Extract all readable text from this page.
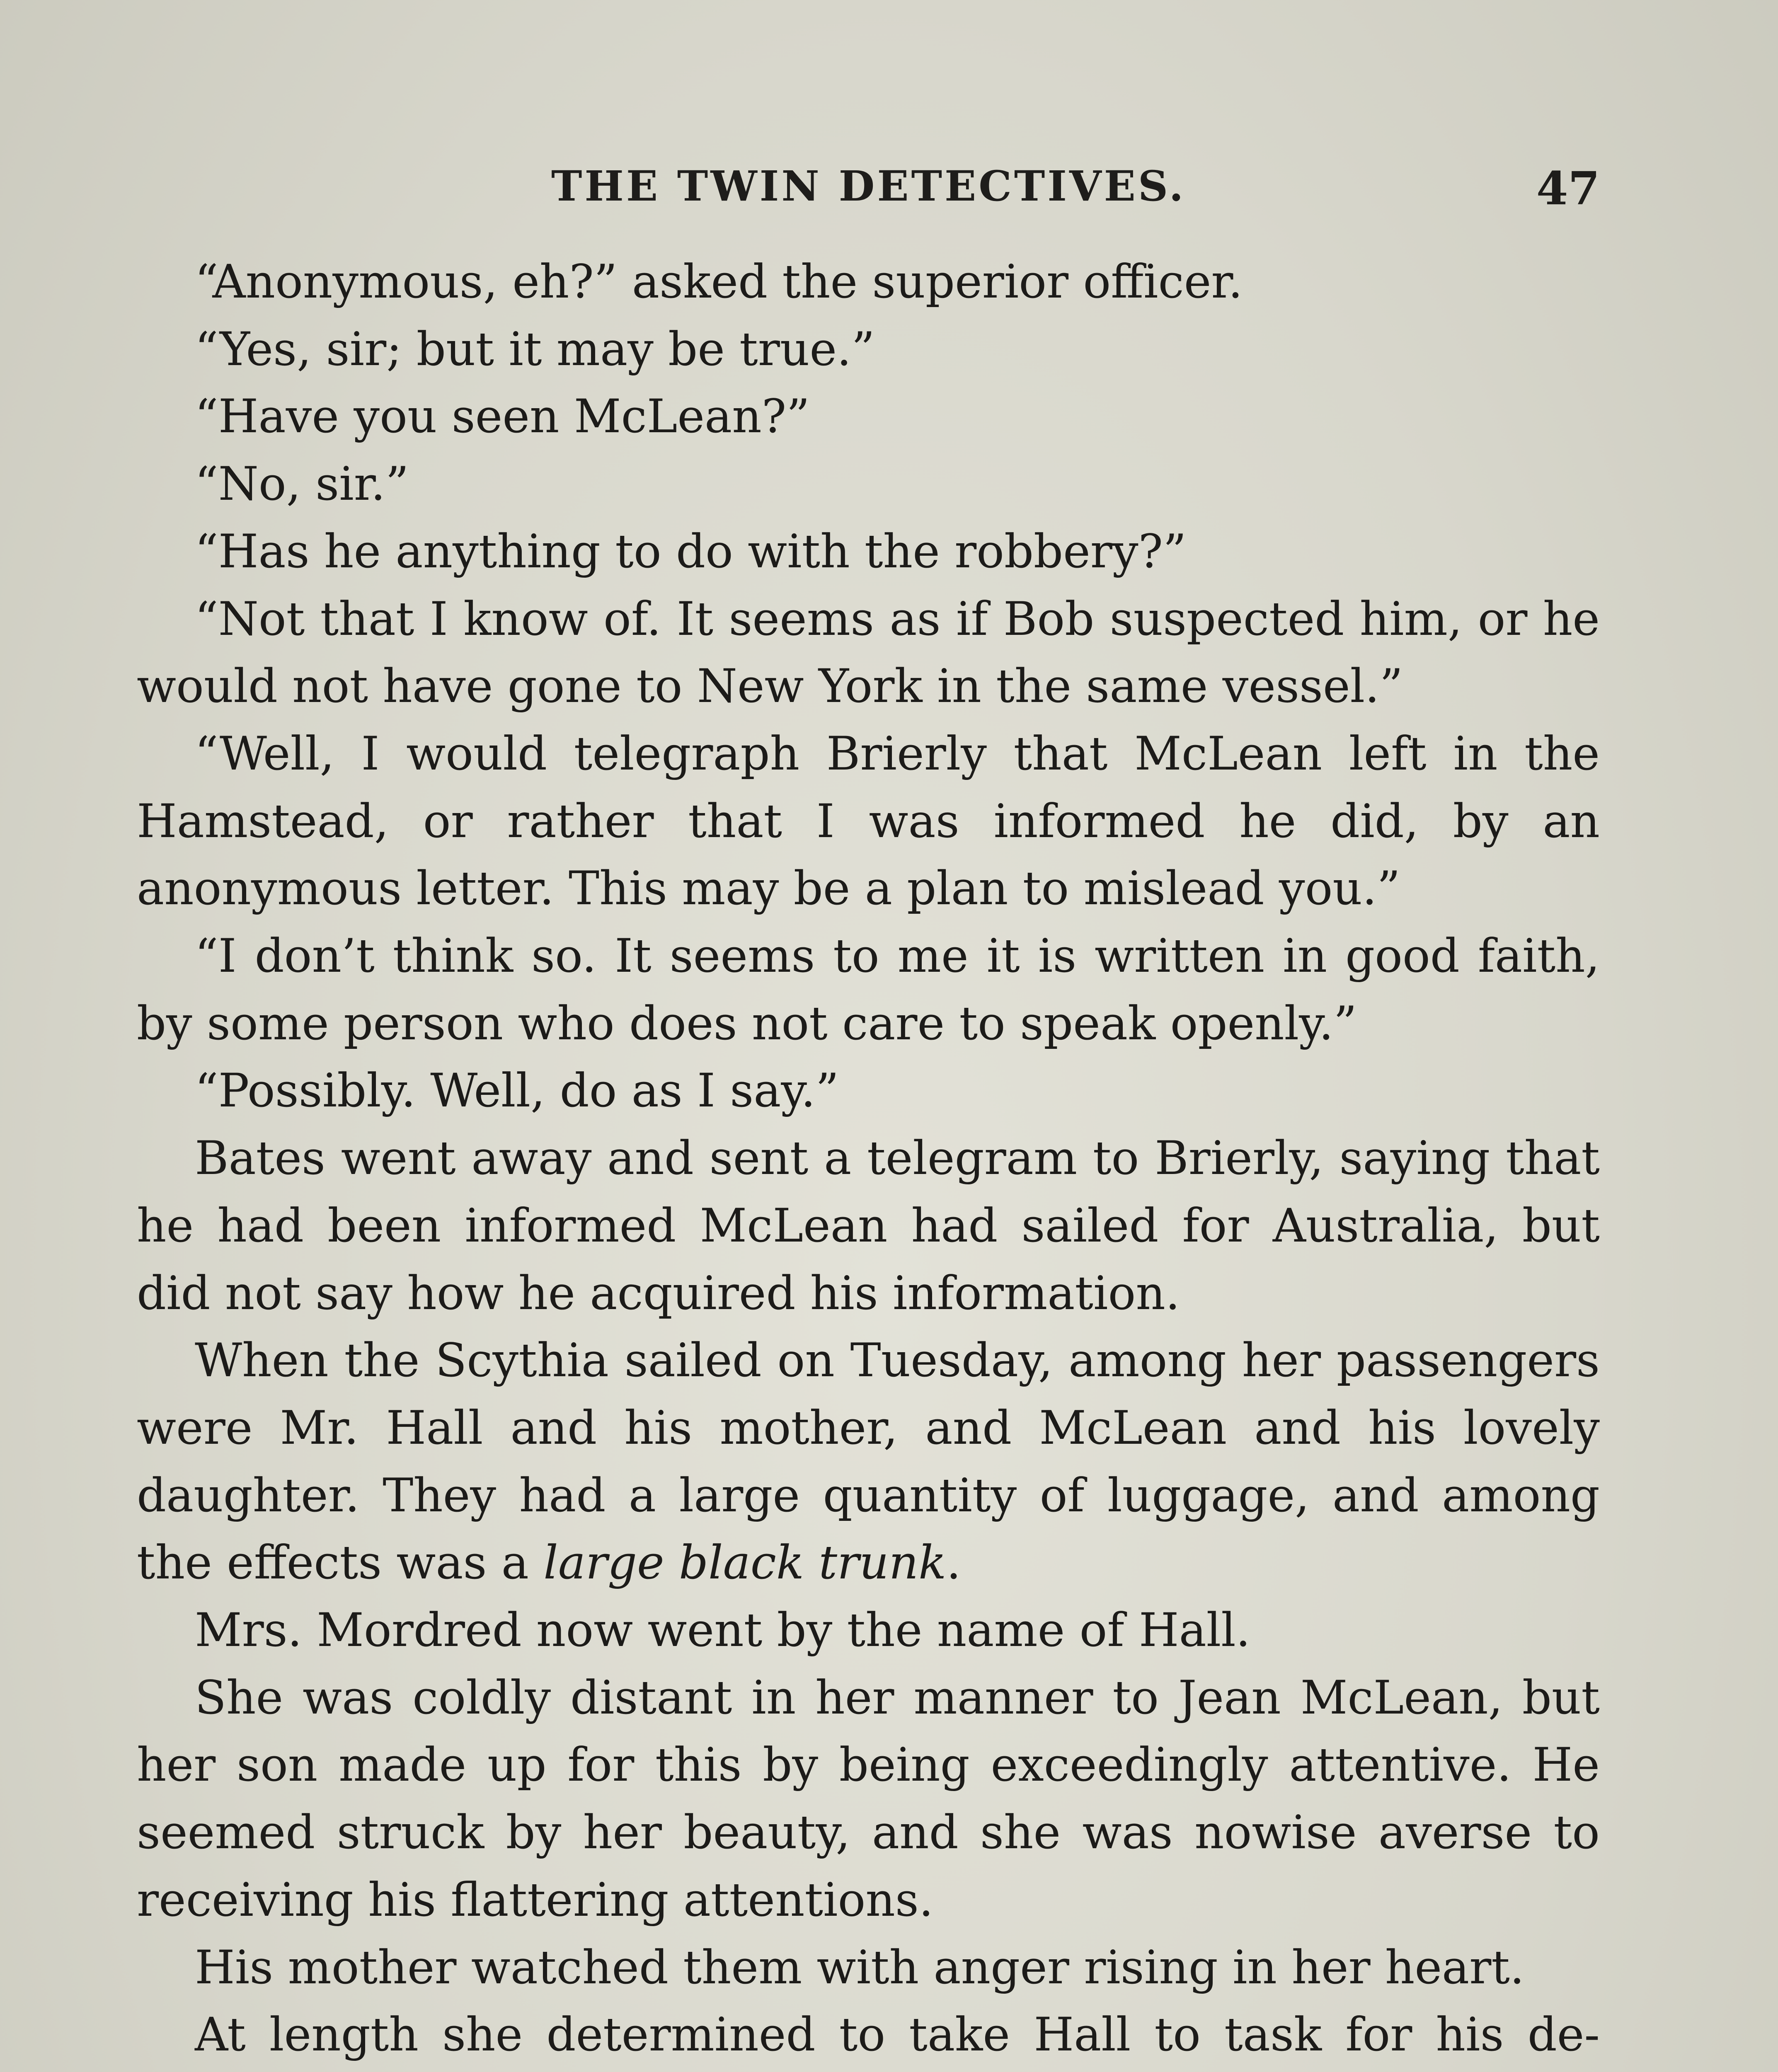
THE TWIN DETECTIVES.	47

“Anonymous, eh?” asked the superior officer.

“Yes, sir; but it may be true.”

“Have you seen McLean?”

“No, sir.”

“Has he anything to do with the robbery?”

“Not that I know of. It seems as if Bob suspected him, or he would not have gone to New York in the same vessel.”

“Well, I would telegraph Brierly that McLean left in the Hamstead, or rather that I was informed he did, by an anonymous letter. This may be a plan to mislead you.”

“I don’t think so. It seems to me it is written in good faith, by some person who does not care to speak openly.”

“Possibly. Well, do as I say.”

Bates went away and sent a telegram to Brierly, saying that he had been informed McLean had sailed for Australia, but did not say how he acquired his information.

When the Scythia sailed on Tuesday, among her passengers were Mr. Hall and his mother, and McLean and his lovely daughter. They had a large quantity of luggage, and among the effects was a large black trunk.

Mrs. Mordred now went by the name of Hall.

She was coldly distant in her manner to Jean McLean, but her son made up for this by being exceedingly attentive. He seemed struck by her beauty, and she was nowise averse to receiving his flattering attentions.

His mother watched them with anger rising in her heart.

At length she determined to take Hall to task for his de
